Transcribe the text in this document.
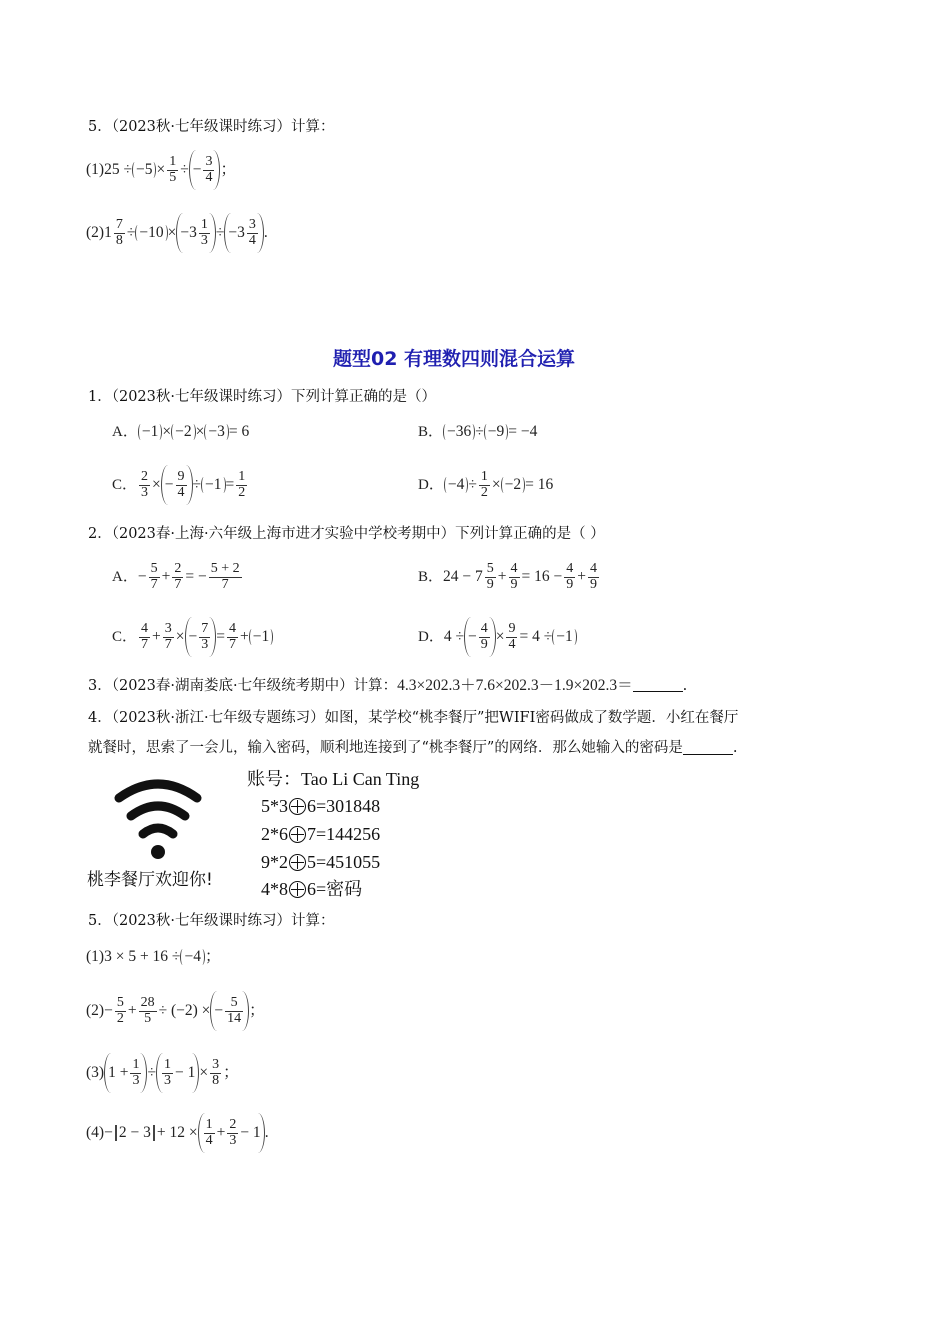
5．（2023秋·七年级课时练习）计算：
(1) $25 \div -5 \times \frac{1}{5}$ ÷ − $\frac{3}{4}$ ；
(2) $1 \frac{7}{8} \div -10 \times -3 \frac{1}{3} \div -3 \frac{3}{4}$ .
题型02 有理数四则混合运算
1．（2023秋·七年级课时练习）下列计算正确的是（）
A． −1 × −2 × −3 = 6	B． −36 ÷ −9 = −4
C． $\frac{2}{3}$ × − $\frac{9}{4} \div -1 = \frac{1}{2}$	D． $-4 \div \frac{1}{2} \times -2 = 16$
2．（2023春·上海·六年级上海市进才实验中学校考期中）下列计算正确的是（ ）
A． − $\frac{5}{7} + \frac{2}{7}$ = − $\frac{5 + 2}{7}$	B． $24 - 7 \frac{5}{9} + \frac{4}{9} = 16 - \frac{4}{9} + \frac{4}{9}$
C． $\frac{4}{7} + \frac{3}{7}$ × − $\frac{7}{3} = \frac{4}{7} + -1$	D． 4 ÷ − $\frac{4}{9} \times \frac{9}{4} = 4 \div -1$
3．（2023春·湖南娄底·七年级统考期中）计算： 4.3×202.3＋7.6×202.3－1.9×202.3＝	.
4．（2023秋·浙江·七年级专题练习）如图，某学校“桃李餐厅”把WIFI密码做成了数学题．小红在餐厅
就餐时，思索了一会儿，输入密码，顺利地连接到了“桃李餐厅”的网络．那么她输入的密码是	.
桃李餐厅欢迎你!
账号：Tao Li Can Ting
5*3 6=301848
2*6 7=144256
9*2 5=451055
4*8 6=密码
5．（2023秋·七年级课时练习）计算：
(1) 3 × 5 + 16 ÷ −4 ；
$(2) - \frac{5}{2} + \frac{28}{5} \div (-2)$ × − $\frac{5}{14}$ ；
(3) $1 + \frac{1}{3} \div \frac{1}{3} - 1 \times \frac{3}{8}$ ；
(4) − 2 − 3
+ $12 \times \frac{1}{4} + \frac{2}{3} - 1$ .
